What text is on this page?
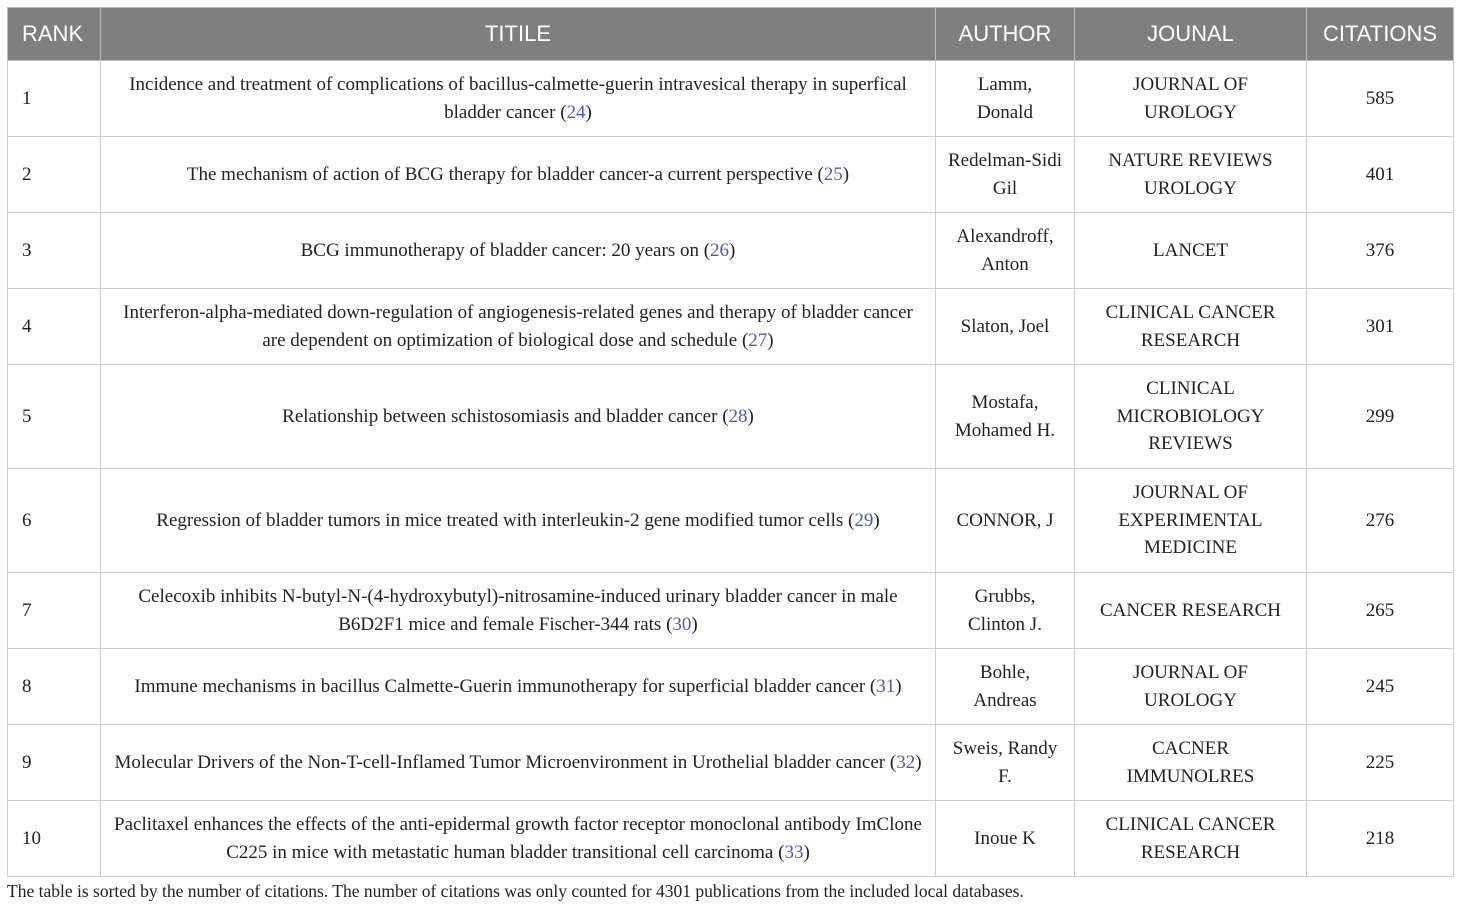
RANK	TITILE	AUTHOR	JOUNAL	CITATIONS
1	Incidence and treatment of complications of bacillus-calmette-guerin intravesical therapy in superfical bladder cancer (24)	Lamm, Donald	JOURNAL OF UROLOGY	585
2	The mechanism of action of BCG therapy for bladder cancer-a current perspective (25)	Redelman-Sidi Gil	NATURE REVIEWS UROLOGY	401
3	BCG immunotherapy of bladder cancer: 20 years on (26)	Alexandroff, Anton	LANCET	376
4	Interferon-alpha-mediated down-regulation of angiogenesis-related genes and therapy of bladder cancer are dependent on optimization of biological dose and schedule (27)	Slaton, Joel	CLINICAL CANCER RESEARCH	301
5	Relationship between schistosomiasis and bladder cancer (28)	Mostafa, Mohamed H.	CLINICAL MICROBIOLOGY REVIEWS	299
6	Regression of bladder tumors in mice treated with interleukin-2 gene modified tumor cells (29)	CONNOR, J	JOURNAL OF EXPERIMENTAL MEDICINE	276
7	Celecoxib inhibits N-butyl-N-(4-hydroxybutyl)-nitrosamine-induced urinary bladder cancer in male B6D2F1 mice and female Fischer-344 rats (30)	Grubbs, Clinton J.	CANCER RESEARCH	265
8	Immune mechanisms in bacillus Calmette-Guerin immunotherapy for superficial bladder cancer (31)	Bohle, Andreas	JOURNAL OF UROLOGY	245
9	Molecular Drivers of the Non-T-cell-Inflamed Tumor Microenvironment in Urothelial bladder cancer (32)	Sweis, Randy F.	CACNER IMMUNOLRES	225
10	Paclitaxel enhances the effects of the anti-epidermal growth factor receptor monoclonal antibody ImClone C225 in mice with metastatic human bladder transitional cell carcinoma (33)	Inoue K	CLINICAL CANCER RESEARCH	218
The table is sorted by the number of citations. The number of citations was only counted for 4301 publications from the included local databases.
